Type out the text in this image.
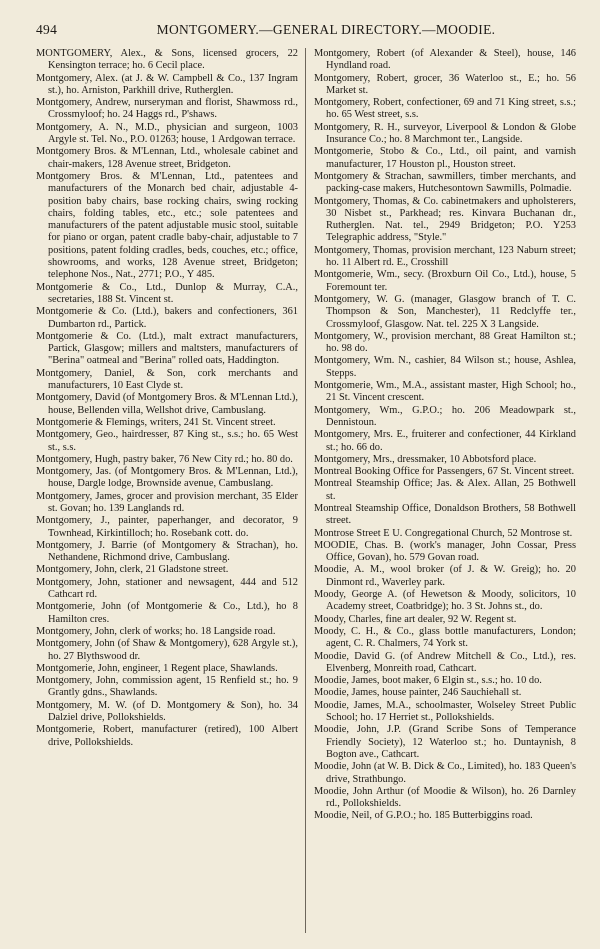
494	MONTGOMERY.—GENERAL DIRECTORY.—MOODIE.

MONTGOMERY, Alex., & Sons, licensed grocers, 22 Kensington terrace; ho. 6 Cecil place.

Montgomery, Alex. (at J. & W. Campbell & Co., 137 Ingram st.), ho. Arniston, Parkhill drive, Rutherglen.

Montgomery, Andrew, nurseryman and florist, Shawmoss rd., Crossmyloof; ho. 24 Haggs rd., P'shaws.

Montgomery, A. N., M.D., physician and surgeon, 1003 Argyle st. Tel. No., P.O. 01263; house, 1 Ardgowan terrace.

Montgomery Bros. & M'Lennan, Ltd., wholesale cabinet and chair-makers, 128 Avenue street, Bridgeton.

Montgomery Bros. & M'Lennan, Ltd., patentees and manufacturers of the Monarch bed chair, adjustable 4-position baby chairs, base rocking chairs, swing rocking chairs, folding tables, etc., etc.; sole patentees and manufacturers of the patent adjustable music stool, suitable for piano or organ, patent cradle baby-chair, adjustable to 7 positions, patent folding cradles, beds, couches, etc.; office, showrooms, and works, 128 Avenue street, Bridgeton; telephone Nos., Nat., 2771; P.O., Y 485.

Montgomerie & Co., Ltd., Dunlop & Murray, C.A., secretaries, 188 St. Vincent st.

Montgomerie & Co. (Ltd.), bakers and confectioners, 361 Dumbarton rd., Partick.

Montgomerie & Co. (Ltd.), malt extract manufacturers, Partick, Glasgow; millers and maltsters, manufacturers of "Berina" oatmeal and "Berina" rolled oats, Haddington.

Montgomery, Daniel, & Son, cork merchants and manufacturers, 10 East Clyde st.

Montgomery, David (of Montgomery Bros. & M'Lennan Ltd.), house, Bellenden villa, Wellshot drive, Cambuslang.

Montgomerie & Flemings, writers, 241 St. Vincent street.

Montgomery, Geo., hairdresser, 87 King st., s.s.; ho. 65 West st., s.s.

Montgomery, Hugh, pastry baker, 76 New City rd.; ho. 80 do.

Montgomery, Jas. (of Montgomery Bros. & M'Lennan, Ltd.), house, Dargle lodge, Brownside avenue, Cambuslang.

Montgomery, James, grocer and provision merchant, 35 Elder st. Govan; ho. 139 Langlands rd.

Montgomery, J., painter, paperhanger, and decorator, 9 Townhead, Kirkintilloch; ho. Rosebank cott. do.

Montgomery, J. Barrie (of Montgomery & Strachan), ho. Nethandene, Richmond drive, Cambuslang.

Montgomery, John, clerk, 21 Gladstone street.

Montgomery, John, stationer and newsagent, 444 and 512 Cathcart rd.

Montgomerie, John (of Montgomerie & Co., Ltd.), ho 8 Hamilton cres.

Montgomery, John, clerk of works; ho. 18 Langside road.

Montgomery, John (of Shaw & Montgomery), 628 Argyle st.), ho. 27 Blythswood dr.

Montgomerie, John, engineer, 1 Regent place, Shawlands.

Montgomery, John, commission agent, 15 Renfield st.; ho. 9 Grantly gdns., Shawlands.

Montgomery, M. W. (of D. Montgomery & Son), ho. 34 Dalziel drive, Pollokshields.

Montgomerie, Robert, manufacturer (retired), 100 Albert drive, Pollokshields.

Montgomery, Robert (of Alexander & Steel), house, 146 Hyndland road.

Montgomery, Robert, grocer, 36 Waterloo st., E.; ho. 56 Market st.

Montgomery, Robert, confectioner, 69 and 71 King street, s.s.; ho. 65 West street, s.s.

Montgomery, R. H., surveyor, Liverpool & London & Globe Insurance Co.; ho. 8 Marchmont ter., Langside.

Montgomerie, Stobo & Co., Ltd., oil paint, and varnish manufacturer, 17 Houston pl., Houston street.

Montgomery & Strachan, sawmillers, timber merchants, and packing-case makers, Hutchesontown Sawmills, Polmadie.

Montgomery, Thomas, & Co. cabinetmakers and upholsterers, 30 Nisbet st., Parkhead; res. Kinvara Buchanan dr., Rutherglen. Nat. tel., 2949 Bridgeton; P.O. Y253 Telegraphic address, "Style."

Montgomery, Thomas, provision merchant, 123 Naburn street; ho. 11 Albert rd. E., Crosshill

Montgomerie, Wm., secy. (Broxburn Oil Co., Ltd.), house, 5 Foremount ter.

Montgomery, W. G. (manager, Glasgow branch of T. C. Thompson & Son, Manchester), 11 Redclyffe ter., Crossmyloof, Glasgow. Nat. tel. 225 X 3 Langside.

Montgomery, W., provision merchant, 88 Great Hamilton st.; ho. 98 do.

Montgomery, Wm. N., cashier, 84 Wilson st.; house, Ashlea, Stepps.

Montgomerie, Wm., M.A., assistant master, High School; ho., 21 St. Vincent crescent.

Montgomery, Wm., G.P.O.; ho. 206 Meadowpark st., Dennistoun.

Montgomery, Mrs. E., fruiterer and confectioner, 44 Kirkland st.; ho. 66 do.

Montgomery, Mrs., dressmaker, 10 Abbotsford place.

Montreal Booking Office for Passengers, 67 St. Vincent street.

Montreal Steamship Office; Jas. & Alex. Allan, 25 Bothwell st.

Montreal Steamship Office, Donaldson Brothers, 58 Bothwell street.

Montrose Street E U. Congregational Church, 52 Montrose st.

MOODIE, Chas. B. (work's manager, John Cossar, Press Office, Govan), ho. 579 Govan road.

Moodie, A. M., wool broker (of J. & W. Greig); ho. 20 Dinmont rd., Waverley park.

Moody, George A. (of Hewetson & Moody, solicitors, 10 Academy street, Coatbridge); ho. 3 St. Johns st., do.

Moody, Charles, fine art dealer, 92 W. Regent st.

Moody, C. H., & Co., glass bottle manufacturers, London; agent, C. R. Chalmers, 74 York st.

Moodie, David G. (of Andrew Mitchell & Co., Ltd.), res. Elvenberg, Monreith road, Cathcart.

Moodie, James, boot maker, 6 Elgin st., s.s.; ho. 10 do.

Moodie, James, house painter, 246 Sauchiehall st.

Moodie, James, M.A., schoolmaster, Wolseley Street Public School; ho. 17 Herriet st., Pollokshields.

Moodie, John, J.P. (Grand Scribe Sons of Temperance Friendly Society), 12 Waterloo st.; ho. Duntaynish, 8 Bogton ave., Cathcart.

Moodie, John (at W. B. Dick & Co., Limited), ho. 183 Queen's drive, Strathbungo.

Moodie, John Arthur (of Moodie & Wilson), ho. 26 Darnley rd., Pollokshields.

Moodie, Neil, of G.P.O.; ho. 185 Butterbiggins road.
